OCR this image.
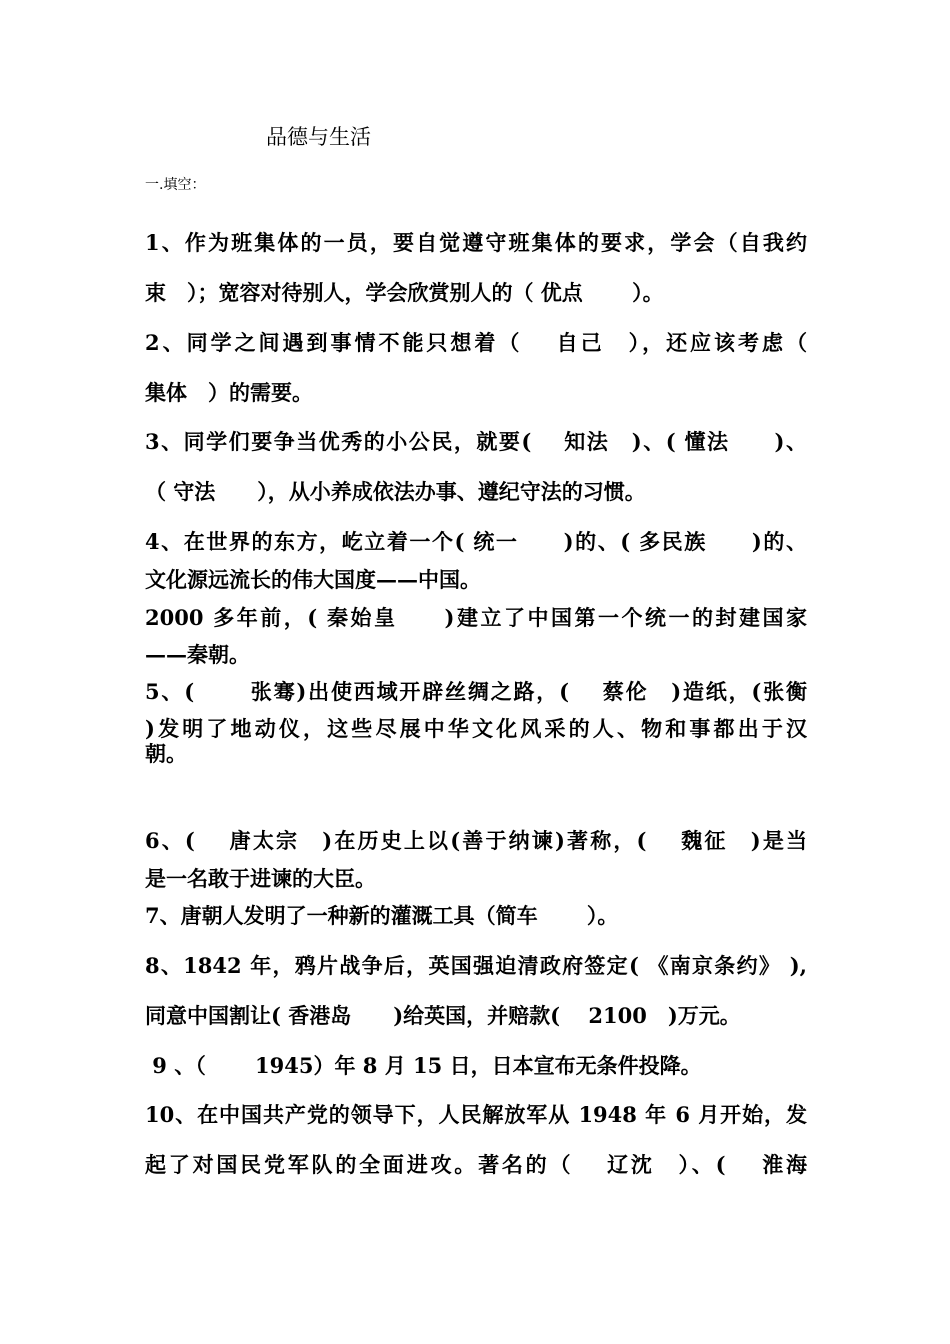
品德与生活
一.填空：
1、作为班集体的一员，要自觉遵守班集体的要求，学会（自我约
束　）；宽容对待别人，学会欣赏别人的（ 优点　　 ）。
2、同学之间遇到事情不能只想着（　 自己　），还应该考虑（
集体　）的需要。
3、同学们要争当优秀的小公民，就要(　 知法　)、( 懂法　　)、
（ 守法　　），从小养成依法办事、遵纪守法的习惯。
4、在世界的东方，屹立着一个( 统一　　)的、( 多民族　　)的、
文化源远流长的伟大国度——中国。
2000 多年前，( 秦始皇　　)建立了中国第一个统一的封建国家
——秦朝。
5、(　　 张骞)出使西域开辟丝绸之路，(　 蔡伦　)造纸，(张衡
)发明了地动仪，这些尽展中华文化风采的人、物和事都出于汉
朝。
6、(　 唐太宗　)在历史上以(善于纳谏)著称，(　 魏征　)是当
是一名敢于进谏的大臣。
7、唐朝人发明了一种新的灌溉工具（简车　　 ）。
8、1842 年，鸦片战争后，英国强迫清政府签定( 《南京条约》 ),
同意中国割让( 香港岛　　)给英国，并赔款(　 2100　)万元。
9 、（　　 1945）年 8 月 15 日，日本宣布无条件投降。
10、在中国共产党的领导下，人民解放军从 1948 年 6 月开始，发
起了对国民党军队的全面进攻。著名的（　 辽沈　）、(　 淮海
